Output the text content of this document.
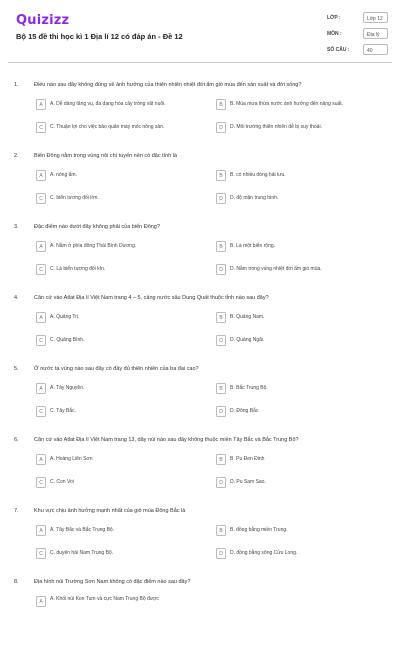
Quizizz
Bộ 15 đề thi học kì 1 Địa lí 12 có đáp án - Đề 12
LỚP :	Lớp 12
MÔN :	Địa lý
SỐ CÂU :	40
1.	Điều nào sau đây không đúng về ảnh hưởng của thiên nhiên nhiệt đới ẩm gió mùa đến sản xuất và đời sống?
A	A. Dễ dàng tăng vụ, đa dạng hóa cây trồng vật nuôi.	B	B. Mùa mưa thừa nước ảnh hưởng đến năng suất.
C	C. Thuận lợi cho việc bảo quản máy móc nông sản.	D	D. Môi trường thiên nhiên dễ bị suy thoái.
2.	Biển Đông nằm trong vùng nội chí tuyến nên có đặc tính là
A	A. nóng ẩm.	B	B. có nhiều dòng hải lưu.
C	C. biển tương đối lớn.	D	D. độ mặn trung bình.
3.	Đặc điểm nào dưới đây không phải của biển Đông?
A	A. Nằm ở phía đông Thái Bình Dương.	B	B. Là một biển rộng.
C	C. Là biển tương đối kín.	D	D. Nằm trong vùng nhiệt đới ẩm gió mùa.
4.	Căn cứ vào Atlat Địa lí Việt Nam trang 4 – 5, cảng nước sâu Dung Quất thuộc tỉnh nào sau đây?
A	A. Quảng Trị.	B	B. Quảng Nam.
C	C. Quảng Bình.	D	D. Quảng Ngãi.
5.	Ở nước ta vùng nào sau đây có đầy đủ thiên nhiên của ba đai cao?
A	A. Tây Nguyên.	B	B. Bắc Trung Bộ.
C	C. Tây Bắc.	D	D. Đông Bắc
6.	Căn cứ vào Atlat Địa lí Việt Nam trang 13, dãy núi nào sau đây không thuộc miền Tây Bắc và Bắc Trung Bộ?
A	A. Hoàng Liên Sơn	B	B. Pu Đen Đinh
C	C. Con Voi	D	D. Pu Sam Sao.
7.	Khu vực chịu ảnh hưởng mạnh nhất của gió mùa Đông Bắc là
A	A. Tây Bắc và Bắc Trung Bộ.	B	B. đồng bằng miền Trung.
C	C. duyên hải Nam Trung Bộ.	D	D. đồng bằng sông Cửu Long.
8.	Địa hình núi Trường Sơn Nam không có đặc điểm nào sau đây?
A	A. Khối núi Kon Tum và cực Nam Trung Bộ được
